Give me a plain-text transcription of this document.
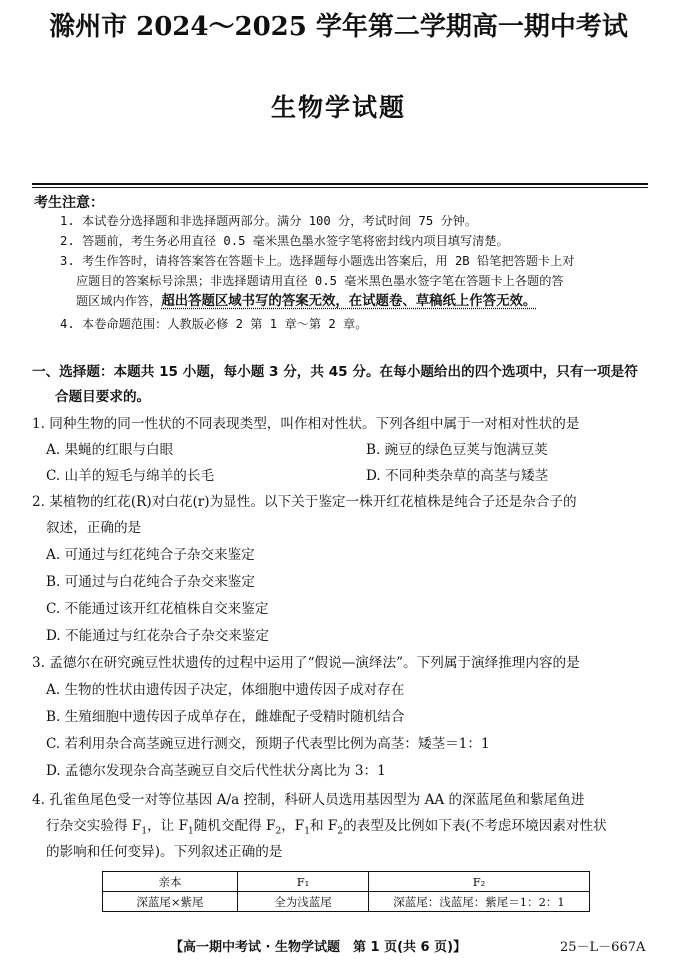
滁州市 2024～2025 学年第二学期高一期中考试
生物学试题
考生注意：
1. 本试卷分选择题和非选择题两部分。满分 100 分，考试时间 75 分钟。
2. 答题前，考生务必用直径 0.5 毫米黑色墨水签字笔将密封线内项目填写清楚。
3. 考生作答时，请将答案答在答题卡上。选择题每小题选出答案后，用 2B 铅笔把答题卡上对
应题目的答案标号涂黑；非选择题请用直径 0.5 毫米黑色墨水签字笔在答题卡上各题的答
题区域内作答，超出答题区域书写的答案无效，在试题卷、草稿纸上作答无效。
4. 本卷命题范围：人教版必修 2 第 1 章～第 2 章。
一、选择题：本题共 15 小题，每小题 3 分，共 45 分。在每小题给出的四个选项中，只有一项是符
合题目要求的。
1. 同种生物的同一性状的不同表现类型，叫作相对性状。下列各组中属于一对相对性状的是
A. 果蝇的红眼与白眼	B. 豌豆的绿色豆荚与饱满豆荚
C. 山羊的短毛与绵羊的长毛	D. 不同种类杂草的高茎与矮茎
2. 某植物的红花(R)对白花(r)为显性。以下关于鉴定一株开红花植株是纯合子还是杂合子的
叙述，正确的是
A. 可通过与红花纯合子杂交来鉴定
B. 可通过与白花纯合子杂交来鉴定
C. 不能通过该开红花植株自交来鉴定
D. 不能通过与红花杂合子杂交来鉴定
3. 孟德尔在研究豌豆性状遗传的过程中运用了“假说—演绎法”。下列属于演绎推理内容的是
A. 生物的性状由遗传因子决定，体细胞中遗传因子成对存在
B. 生殖细胞中遗传因子成单存在，雌雄配子受精时随机结合
C. 若利用杂合高茎豌豆进行测交，预期子代表型比例为高茎：矮茎＝1：1
D. 孟德尔发现杂合高茎豌豆自交后代性状分离比为 3：1
4. 孔雀鱼尾色受一对等位基因 A/a 控制，科研人员选用基因型为 AA 的深蓝尾鱼和紫尾鱼进
行杂交实验得 $F_1$，让 $F_1$随机交配得 $F_2$，$F_1$和 $F_2$的表型及比例如下表(不考虑环境因素对性状
的影响和任何变异)。下列叙述正确的是
亲本	F₁	F₂
深蓝尾×紫尾	全为浅蓝尾	深蓝尾：浅蓝尾：紫尾＝1：2：1
【高一期中考试 · 生物学试题　第 1 页(共 6 页)】	25－L－667A
